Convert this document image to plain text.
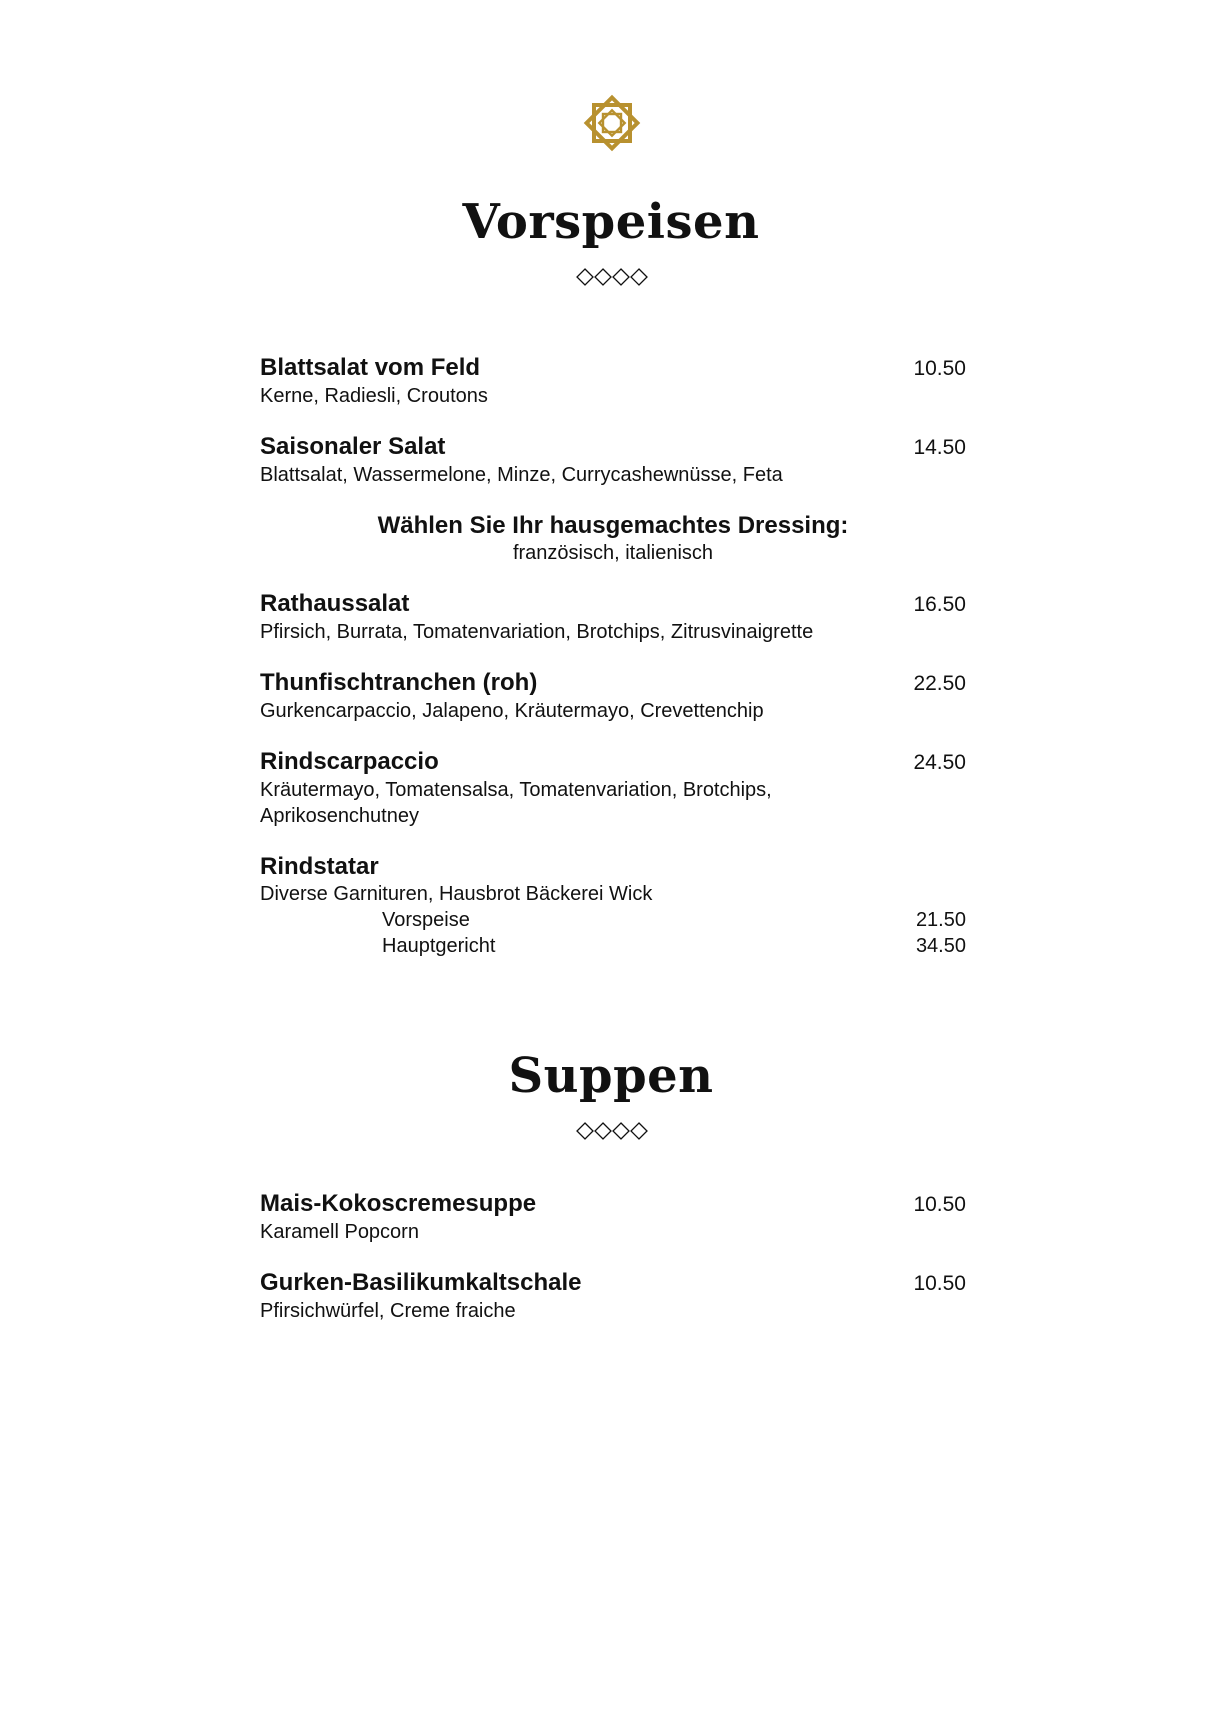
Vorspeisen
Blattsalat vom Feld	10.50
Kerne, Radiesli, Croutons
Saisonaler Salat	14.50
Blattsalat, Wassermelone, Minze, Currycashewnüsse, Feta
Wählen Sie Ihr hausgemachtes Dressing:
französisch, italienisch
Rathaussalat	16.50
Pfirsich, Burrata, Tomatenvariation, Brotchips, Zitrusvinaigrette
Thunfischtranchen (roh)	22.50
Gurkencarpaccio, Jalapeno, Kräutermayo, Crevettenchip
Rindscarpaccio	24.50
Kräutermayo, Tomatensalsa, Tomatenvariation, Brotchips, Aprikosenchutney
Rindstatar
Diverse Garnituren, Hausbrot Bäckerei Wick
Vorspeise	21.50
Hauptgericht	34.50
Suppen
Mais-Kokoscremesuppe	10.50
Karamell Popcorn
Gurken-Basilikumkaltschale	10.50
Pfirsichwürfel, Creme fraiche
